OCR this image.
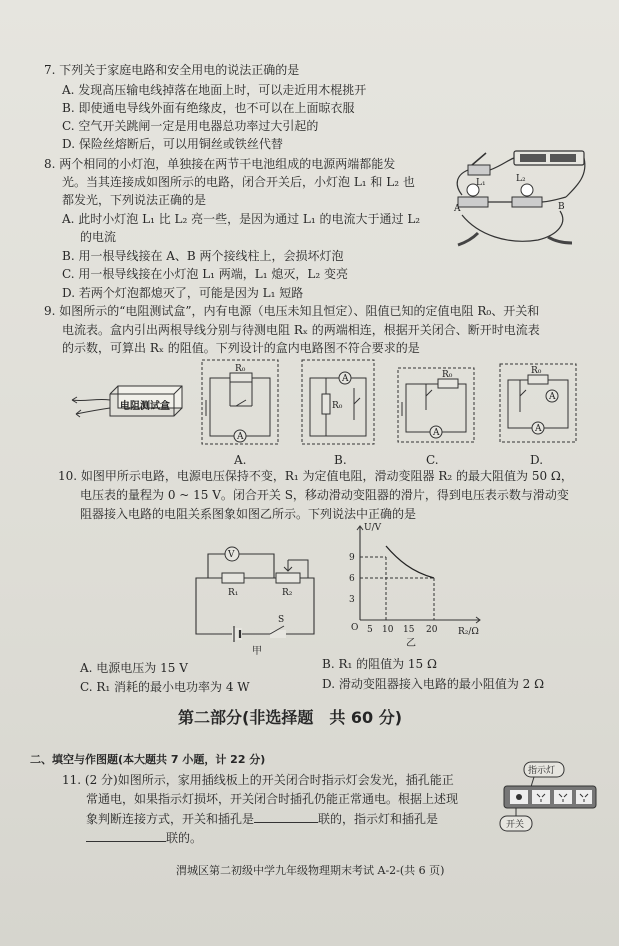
7. 下列关于家庭电路和安全用电的说法正确的是
A. 发现高压输电线掉落在地面上时，可以走近用木棍挑开
B. 即使通电导线外面有绝缘皮，也不可以在上面晾衣服
C. 空气开关跳闸一定是用电器总功率过大引起的
D. 保险丝熔断后，可以用铜丝或铁丝代替
8. 两个相同的小灯泡，单独接在两节干电池组成的电源两端都能发
光。当其连接成如图所示的电路，闭合开关后，小灯泡 L₁ 和 L₂ 也
都发光，下列说法正确的是
A. 此时小灯泡 L₁ 比 L₂ 亮一些，是因为通过 L₁ 的电流大于通过 L₂
的电流
B. 用一根导线接在 A、B 两个接线柱上，会损坏灯泡
C. 用一根导线接在小灯泡 L₁ 两端，L₁ 熄灭，L₂ 变亮
D. 若两个灯泡都熄灭了，可能是因为 L₁ 短路
L₁	L₂
A	B
9. 如图所示的“电阻测试盒”，内有电源（电压未知且恒定）、阻值已知的定值电阻 R₀、开关和
电流表。盒内引出两根导线分别与待测电阻 Rₓ 的两端相连，根据开关闭合、断开时电流表
的示数，可算出 Rₓ 的阻值。下列设计的盒内电路图不符合要求的是
电阻测试盒
R₀
A
A.
A
R₀
B.
R₀
A
C.
R₀
A
A
D.
10. 如图甲所示电路，电源电压保持不变，R₁ 为定值电阻，滑动变阻器 R₂ 的最大阻值为 50 Ω，
电压表的量程为 0 ~ 15 V。闭合开关 S，移动滑动变阻器的滑片，得到电压表示数与滑动变
阻器接入电路的电阻关系图象如图乙所示。下列说法中正确的是
V
R₁	R₂
S
甲
U/V
R₂/Ω
O
9
6
3
5 10 15 20
乙
A. 电源电压为 15 V	B. R₁ 的阻值为 15 Ω
C. R₁ 消耗的最小电功率为 4 W	D. 滑动变阻器接入电路的最小阻值为 2 Ω
第二部分(非选择题　共 60 分)
二、填空与作图题(本大题共 7 小题，计 22 分)
11. (2 分)如图所示，家用插线板上的开关闭合时指示灯会发光，插孔能正
常通电，如果指示灯损坏，开关闭合时插孔仍能正常通电。根据上述现
象判断连接方式，开关和插孔是	联的，指示灯和插孔是
联的。
指示灯
开关
渭城区第二初级中学九年级物理期末考试 A-2-(共 6 页)
